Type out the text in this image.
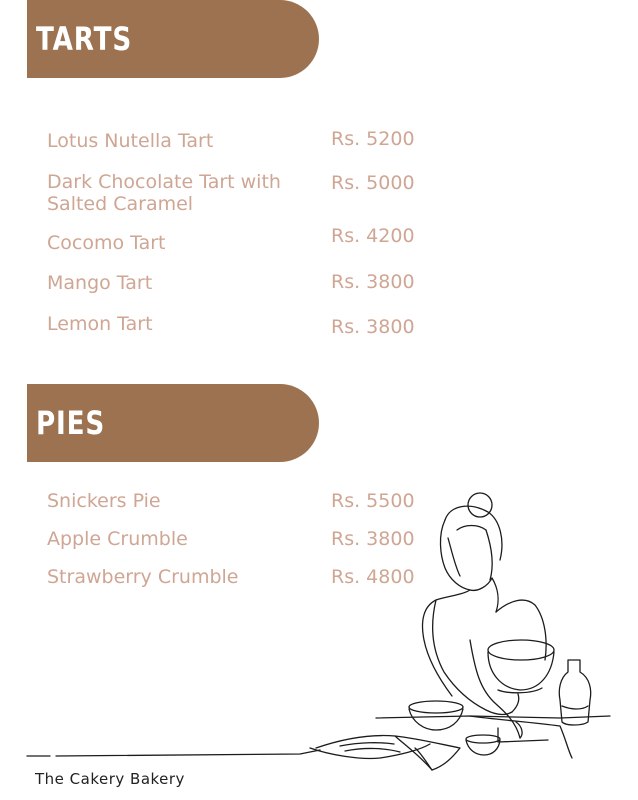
TARTS
Lotus Nutella Tart	Rs. 5200
Dark Chocolate Tart with
Salted Caramel
Rs. 5000
Cocomo Tart	Rs. 4200
Mango Tart	Rs. 3800
Lemon Tart	Rs. 3800
PIES
Snickers Pie	Rs. 5500
Apple Crumble	Rs. 3800
Strawberry Crumble	Rs. 4800
The Cakery Bakery
